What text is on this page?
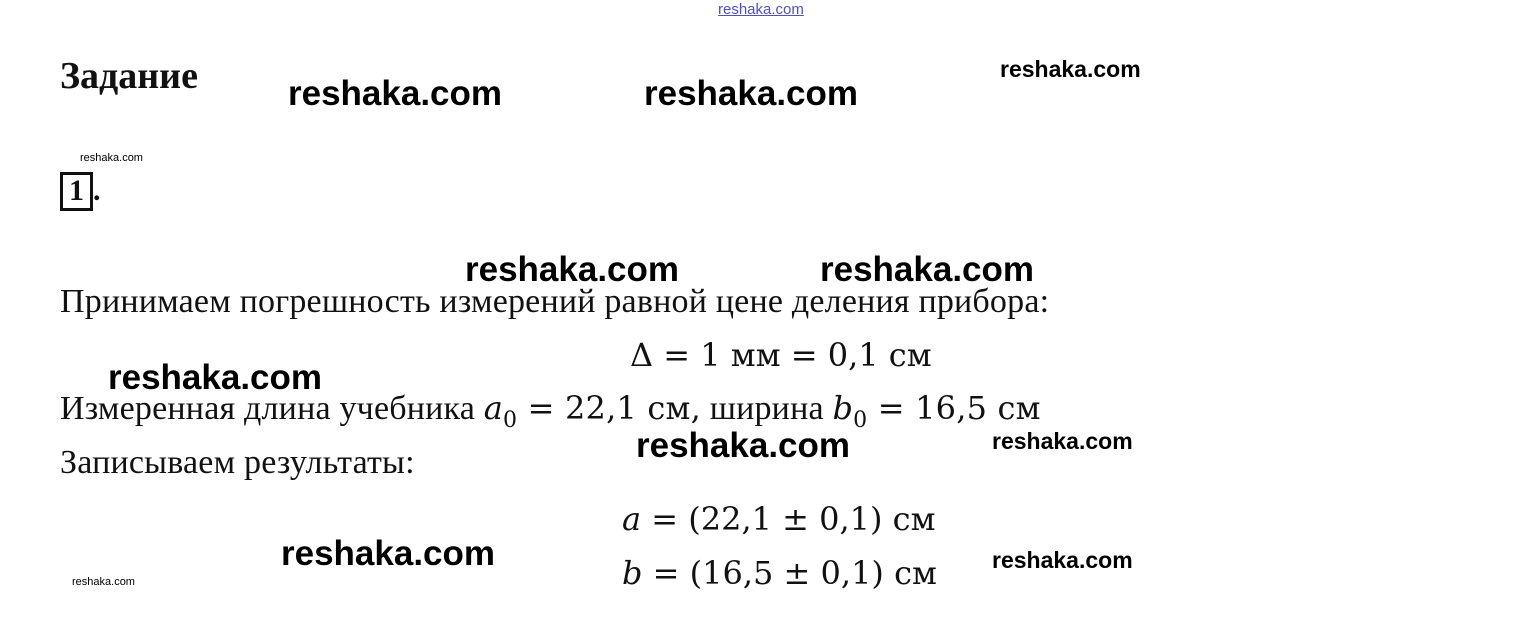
reshaka.com
Задание
1 .
Принимаем погрешность измерений равной цене деления прибора:
Δ = 1 мм = 0,1 см
Измеренная длина учебника $a_0 = 22,1$ см, ширина $b_0 = 16,5$ см
Записываем результаты:
a = (22,1 ± 0,1) см
b = (16,5 ± 0,1) см
reshaka.com	reshaka.com
reshaka.com
reshaka.com
reshaka.com	reshaka.com
reshaka.com
reshaka.com	reshaka.com
reshaka.com	reshaka.com
reshaka.com
